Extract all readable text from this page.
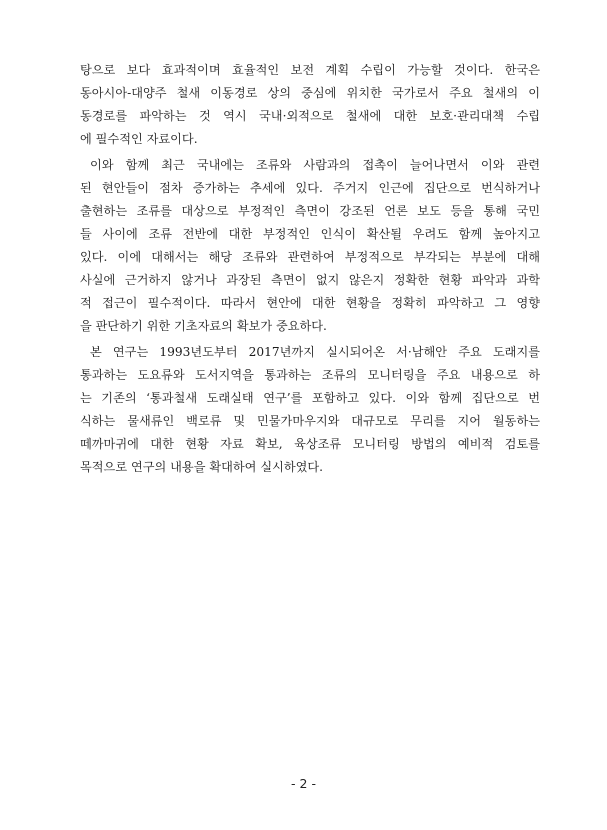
탕으로 보다 효과적이며 효율적인 보전 계획 수립이 가능할 것이다. 한국은
동아시아-대양주 철새 이동경로 상의 중심에 위치한 국가로서 주요 철새의 이
동경로를 파악하는 것 역시 국내·외적으로 철새에 대한 보호·관리대책 수립
에 필수적인 자료이다.
이와 함께 최근 국내에는 조류와 사람과의 접촉이 늘어나면서 이와 관련
된 현안들이 점차 증가하는 추세에 있다. 주거지 인근에 집단으로 번식하거나
출현하는 조류를 대상으로 부정적인 측면이 강조된 언론 보도 등을 통해 국민
들 사이에 조류 전반에 대한 부정적인 인식이 확산될 우려도 함께 높아지고
있다. 이에 대해서는 해당 조류와 관련하여 부정적으로 부각되는 부분에 대해
사실에 근거하지 않거나 과장된 측면이 없지 않은지 정확한 현황 파악과 과학
적 접근이 필수적이다. 따라서 현안에 대한 현황을 정확히 파악하고 그 영향
을 판단하기 위한 기초자료의 확보가 중요하다.
본 연구는 1993년도부터 2017년까지 실시되어온 서·남해안 주요 도래지를
통과하는 도요류와 도서지역을 통과하는 조류의 모니터링을 주요 내용으로 하
는 기존의 ‘통과철새 도래실태 연구’를 포함하고 있다. 이와 함께 집단으로 번
식하는 물새류인 백로류 및 민물가마우지와 대규모로 무리를 지어 월동하는
떼까마귀에 대한 현황 자료 확보, 육상조류 모니터링 방법의 예비적 검토를
목적으로 연구의 내용을 확대하여 실시하였다.
- 2 -
